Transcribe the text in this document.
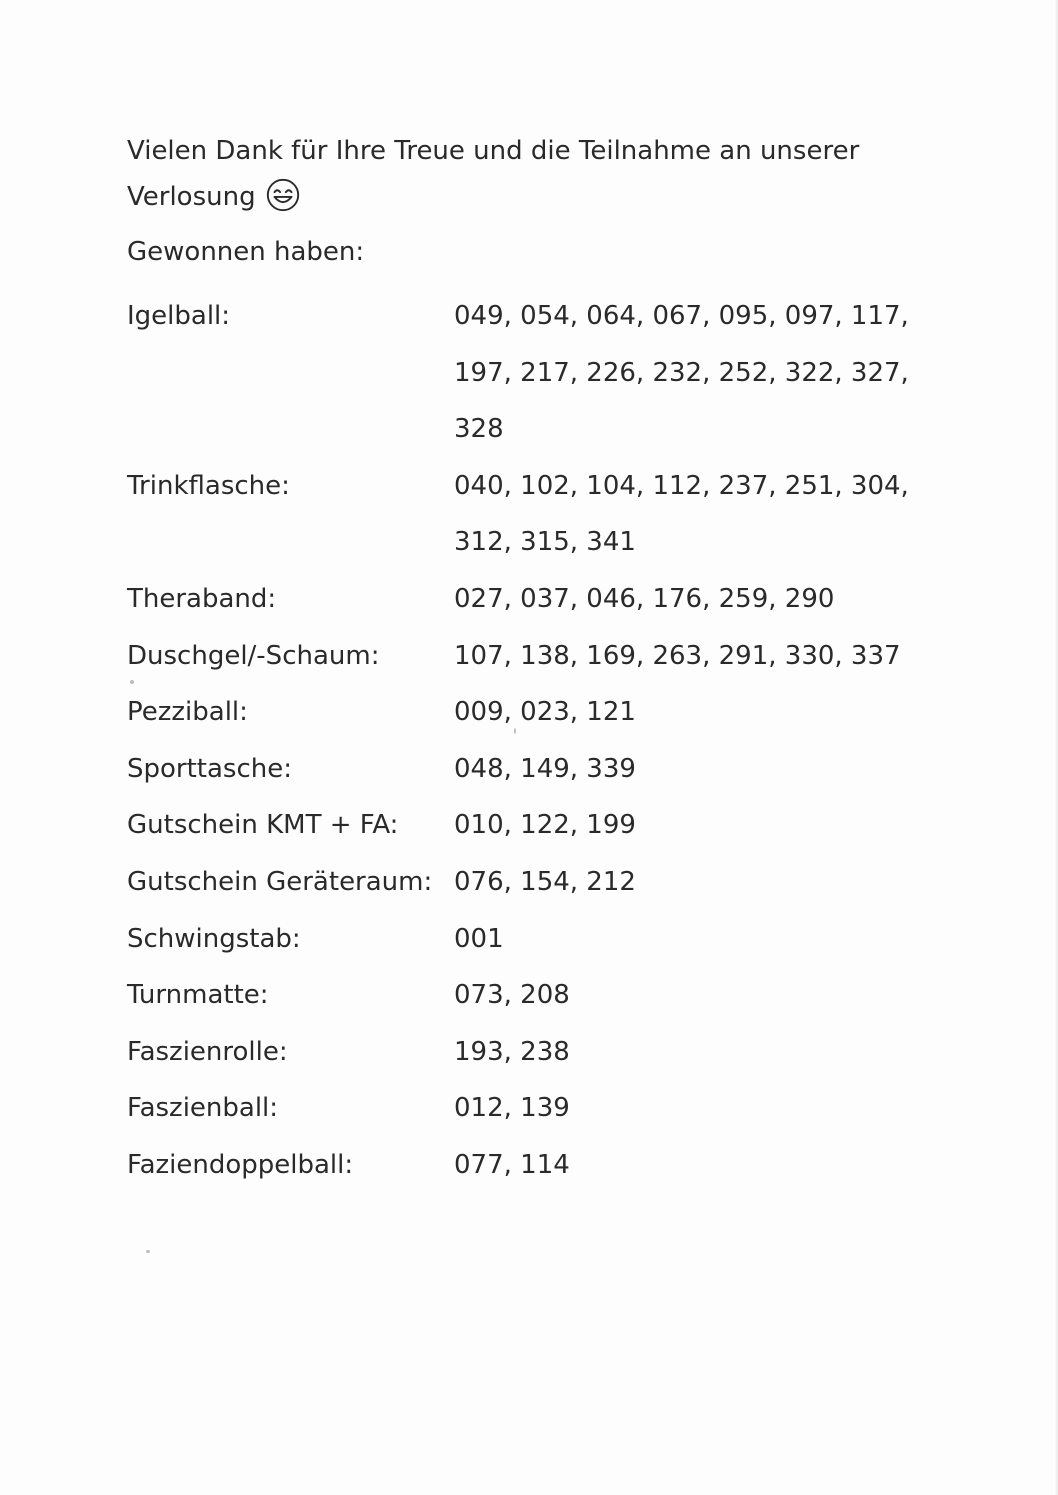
Vielen Dank für Ihre Treue und die Teilnahme an unserer
Verlosung
Gewonnen haben:
Igelball:	049, 054, 064, 067, 095, 097, 117,
197, 217, 226, 232, 252, 322, 327,
328
Trinkflasche:	040, 102, 104, 112, 237, 251, 304,
312, 315, 341
Theraband:	027, 037, 046, 176, 259, 290
Duschgel/-Schaum:	107, 138, 169, 263, 291, 330, 337
Pezziball:	009, 023, 121
Sporttasche:	048, 149, 339
Gutschein KMT + FA:	010, 122, 199
Gutschein Geräteraum: 076, 154, 212
Schwingstab:	001
Turnmatte:	073, 208
Faszienrolle:	193, 238
Faszienball:	012, 139
Faziendoppelball:	077, 114
